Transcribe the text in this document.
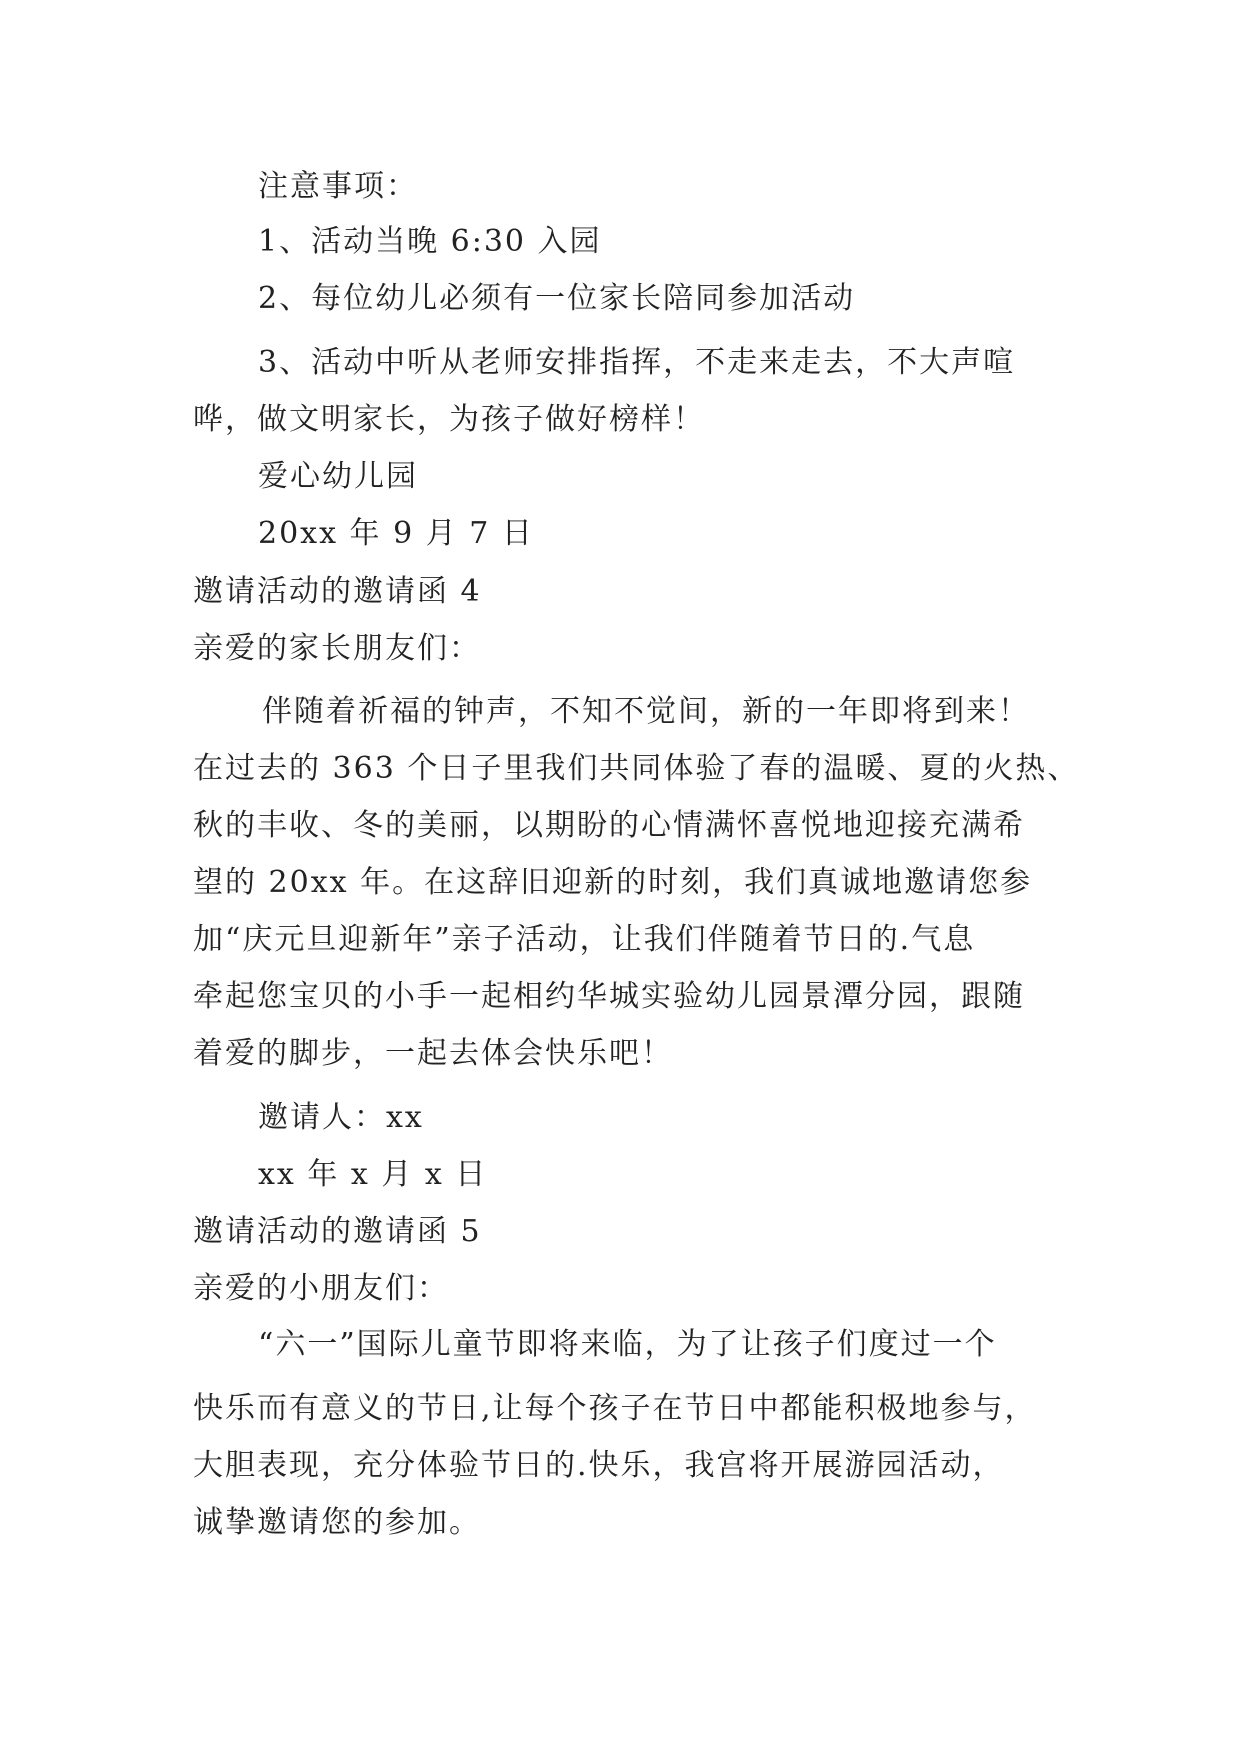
注意事项：
1、活动当晚 6:30 入园
2、每位幼儿必须有一位家长陪同参加活动
3、活动中听从老师安排指挥，不走来走去，不大声喧
哗，做文明家长，为孩子做好榜样！
爱心幼儿园
20xx 年 9 月 7 日
邀请活动的邀请函 4
亲爱的家长朋友们：
伴随着祈福的钟声，不知不觉间，新的一年即将到来！
在过去的 363 个日子里我们共同体验了春的温暖、夏的火热、
秋的丰收、冬的美丽，以期盼的心情满怀喜悦地迎接充满希
望的 20xx 年。在这辞旧迎新的时刻，我们真诚地邀请您参
加“庆元旦迎新年”亲子活动，让我们伴随着节日的.气息
牵起您宝贝的小手一起相约华城实验幼儿园景潭分园，跟随
着爱的脚步，一起去体会快乐吧！
邀请人：xx
xx 年 x 月 x 日
邀请活动的邀请函 5
亲爱的小朋友们：
“六一”国际儿童节即将来临，为了让孩子们度过一个
快乐而有意义的节日,让每个孩子在节日中都能积极地参与，
大胆表现，充分体验节日的.快乐，我宫将开展游园活动，
诚挚邀请您的参加。
